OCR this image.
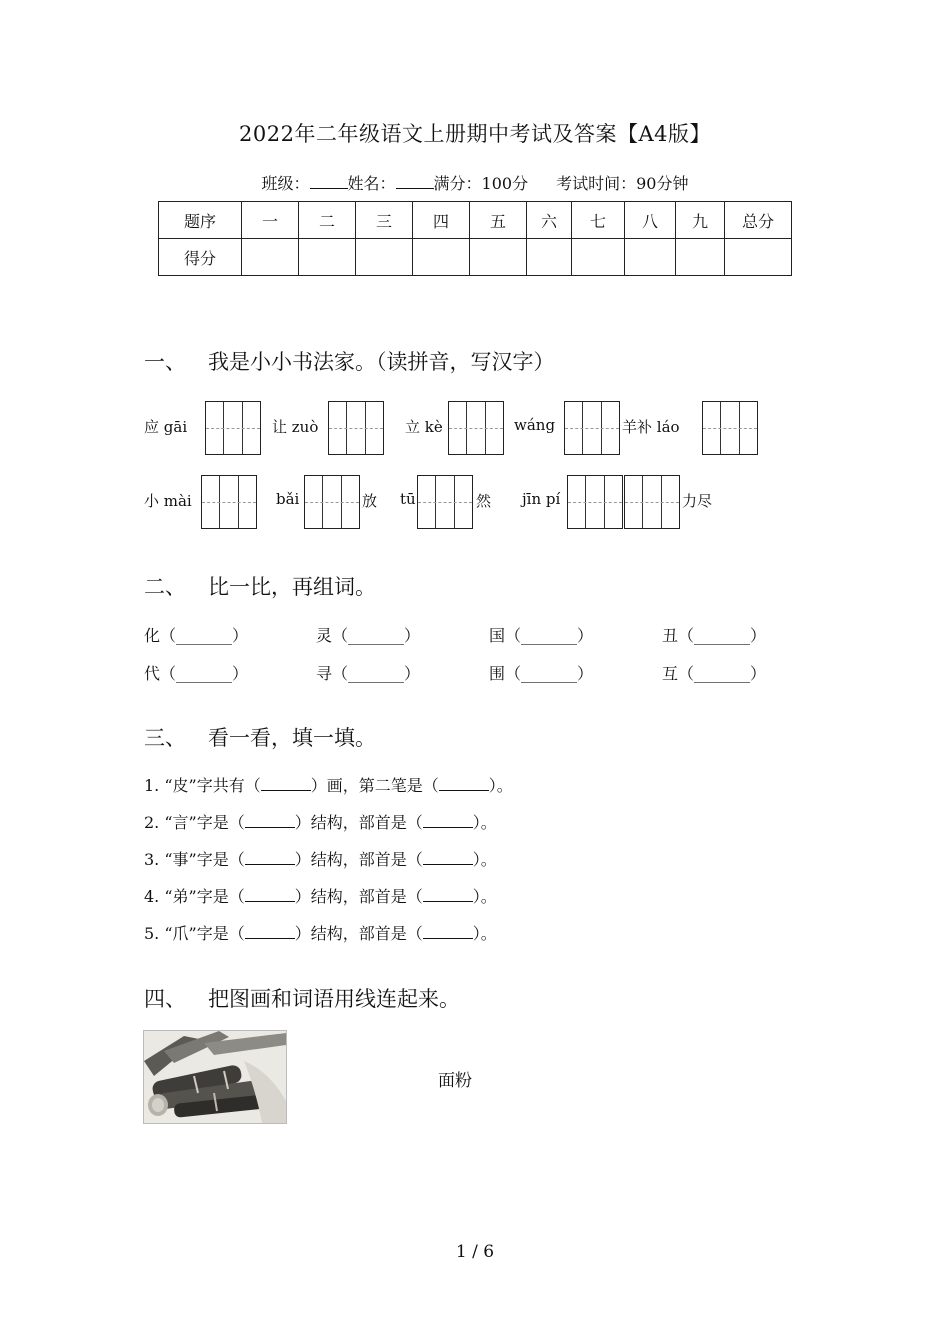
2022年二年级语文上册期中考试及答案【A4版】
班级： 姓名： 满分：100分 考试时间：90分钟
题序	一	二	三	四	五	六	七	八	九	总分
得分										
一、 我是小小书法家。（读拼音，写汉字）
应 gāi	让 zuò	立 kè	wáng	羊补 láo
小 mài	bǎi	放 tū	然 jīn pí	力尽
二、 比一比，再组词。
化（_______）	灵（_______）	国（_______）	丑（_______）
代（_______）	寻（_______）	围（_______）	互（_______）
三、 看一看，填一填。
1. “皮”字共有（	）画，第二笔是（	）。
2. “言”字是（	）结构，部首是（	）。
3. “事”字是（	）结构，部首是（	）。
4. “弟”字是（	）结构，部首是（	）。
5. “爪”字是（	）结构，部首是（	）。
四、 把图画和词语用线连起来。
面粉
1 / 6
